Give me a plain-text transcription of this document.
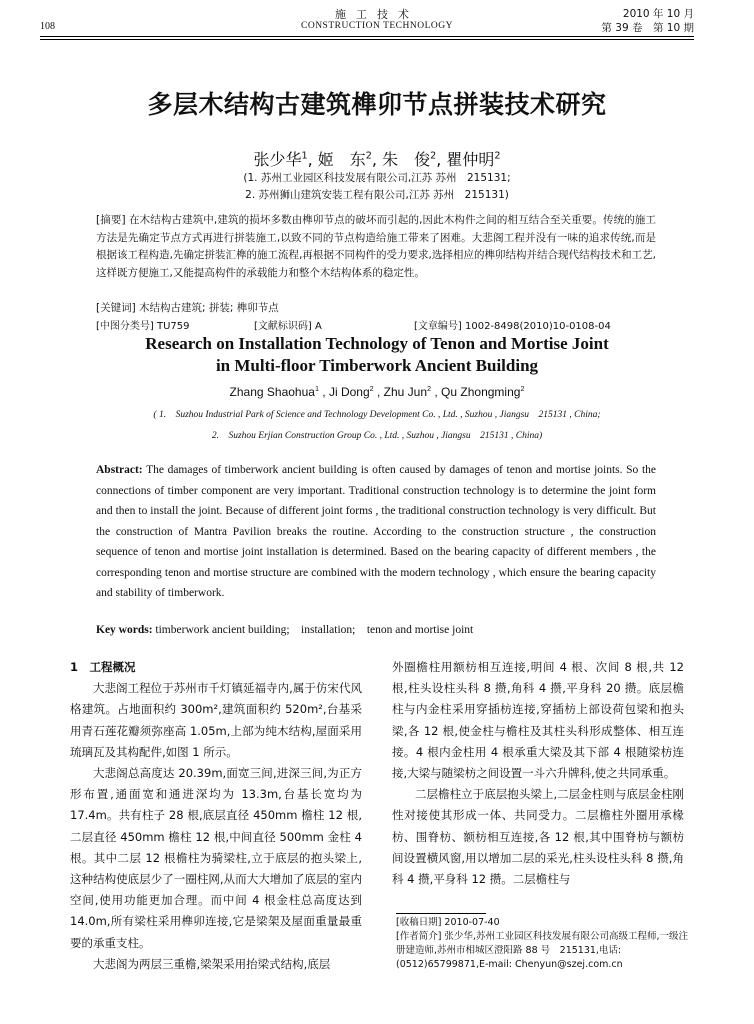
施工技术
CONSTRUCTION TECHNOLOGY
108
2010 年 10 月
第 39 卷　第 10 期
多层木结构古建筑榫卯节点拼装技术研究
张少华$^1$, 姬　东$^2$, 朱　俊$^2$, 瞿仲明$^2$
(1. 苏州工业园区科技发展有限公司,江苏 苏州　215131;
2. 苏州狮山建筑安装工程有限公司,江苏 苏州　215131)
[摘要] 在木结构古建筑中,建筑的损坏多数由榫卯节点的破坏而引起的,因此木构件之间的相互结合至关重要。传统的施工方法是先确定节点方式再进行拼装施工,以致不同的节点构造给施工带来了困难。大悲阁工程并没有一味的追求传统,而是根据该工程构造,先确定拼装汇榫的施工流程,再根据不同构件的受力要求,选择相应的榫卯结构并结合现代结构技术和工艺,这样既方便施工,又能提高构件的承载能力和整个木结构体系的稳定性。
[关键词] 木结构古建筑; 拼装; 榫卯节点
[中图分类号] TU759	[文献标识码] A	[文章编号] 1002-8498(2010)10-0108-04
Research on Installation Technology of Tenon and Mortise Joint
in Multi-floor Timberwork Ancient Building
Zhang Shaohua$^1$ , Ji Dong$^2$ , Zhu Jun$^2$ , Qu Zhongming$^2$
( 1.　Suzhou Industrial Park of Science and Technology Development Co. , Ltd. , Suzhou , Jiangsu　215131 , China;
2.　Suzhou Erjian Construction Group Co. , Ltd. , Suzhou , Jiangsu　215131 , China)
Abstract: The damages of timberwork ancient building is often caused by damages of tenon and mortise joints. So the connections of timber component are very important. Traditional construction technology is to determine the joint form and then to install the joint. Because of different joint forms , the traditional construction technology is very difficult. But the construction of Mantra Pavilion breaks the routine. According to the construction structure , the construction sequence of tenon and mortise joint installation is determined. Based on the bearing capacity of different members , the corresponding tenon and mortise structure are combined with the modern technology , which ensure the bearing capacity and stability of timberwork.
Key words: timberwork ancient building;　installation;　tenon and mortise joint

1　工程概况

大悲阁工程位于苏州市千灯镇延福寺内,属于仿宋代风格建筑。占地面积约 300m²,建筑面积约 520m²,台基采用青石莲花瓣须弥座高 1.05m,上部为纯木结构,屋面采用琉璃瓦及其构配件,如图 1 所示。

大悲阁总高度达 20.39m,面宽三间,进深三间,为正方形布置,通面宽和通进深均为 13.3m,台基长宽均为 17.4m。共有柱子 28 根,底层直径 450mm 檐柱 12 根,二层直径 450mm 檐柱 12 根,中间直径 500mm 金柱 4 根。其中二层 12 根檐柱为骑梁柱,立于底层的抱头梁上,这种结构使底层少了一圈柱网,从而大大增加了底层的室内空间,使用功能更加合理。而中间 4 根金柱总高度达到 14.0m,所有梁柱采用榫卯连接,它是梁架及屋面重量最重要的承重支柱。

大悲阁为两层三重檐,梁架采用抬梁式结构,底层

外圈檐柱用额枋相互连接,明间 4 根、次间 8 根,共 12 根,柱头设柱头科 8 攒,角科 4 攒,平身科 20 攒。底层檐柱与内金柱采用穿插枋连接,穿插枋上部设荷包梁和抱头梁,各 12 根,使金柱与檐柱及其柱头科形成整体、相互连接。4 根内金柱用 4 根承重大梁及其下部 4 根随梁枋连接,大梁与随梁枋之间设置一斗六升牌科,使之共同承重。

二层檐柱立于底层抱头梁上,二层金柱则与底层金柱刚性对接使其形成一体、共同受力。二层檐柱外圈用承椽枋、围脊枋、额枋相互连接,各 12 根,其中围脊枋与额枋间设置横风窗,用以增加二层的采光,柱头设柱头科 8 攒,角科 4 攒,平身科 12 攒。二层檐柱与

[收稿日期] 2010-07-40
[作者简介] 张少华,苏州工业园区科技发展有限公司高级工程师,一级注册建造师,苏州市相城区澄阳路 88 号　215131,电话:(0512)65799871,E-mail: Chenyun@szej.com.cn
